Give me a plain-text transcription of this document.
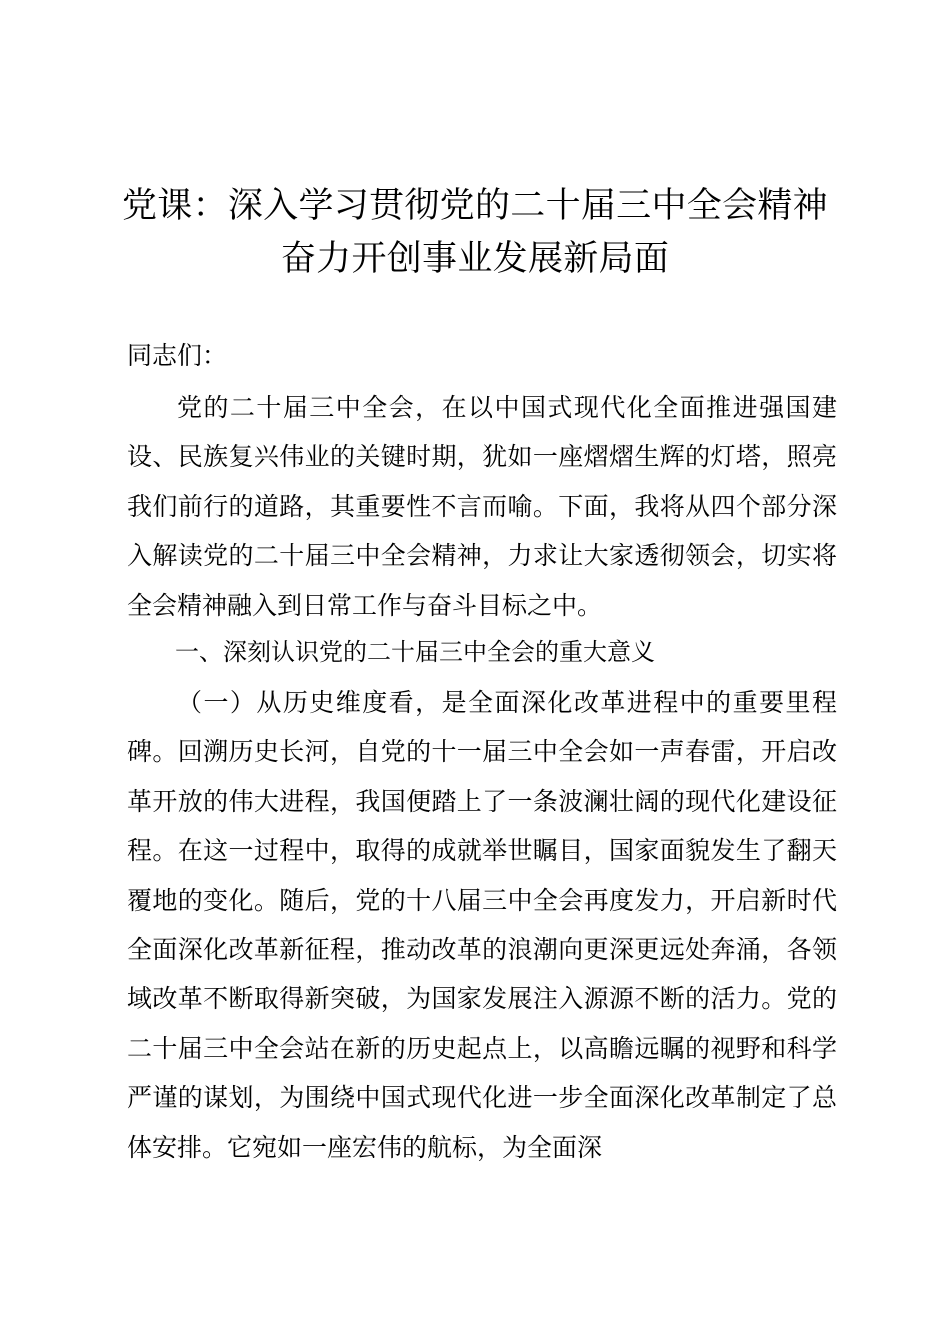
党课：深入学习贯彻党的二十届三中全会精神
奋力开创事业发展新局面
同志们：
党的二十届三中全会，在以中国式现代化全面推进强国建设、民族复兴伟业的关键时期，犹如一座熠熠生辉的灯塔，照亮我们前行的道路，其重要性不言而喻。下面，我将从四个部分深入解读党的二十届三中全会精神，力求让大家透彻领会，切实将全会精神融入到日常工作与奋斗目标之中。
一、深刻认识党的二十届三中全会的重大意义
（一）从历史维度看，是全面深化改革进程中的重要里程碑。回溯历史长河，自党的十一届三中全会如一声春雷，开启改革开放的伟大进程，我国便踏上了一条波澜壮阔的现代化建设征程。在这一过程中，取得的成就举世瞩目，国家面貌发生了翻天覆地的变化。随后，党的十八届三中全会再度发力，开启新时代全面深化改革新征程，推动改革的浪潮向更深更远处奔涌，各领域改革不断取得新突破，为国家发展注入源源不断的活力。党的二十届三中全会站在新的历史起点上，以高瞻远瞩的视野和科学严谨的谋划，为围绕中国式现代化进一步全面深化改革制定了总体安排。它宛如一座宏伟的航标，为全面深
